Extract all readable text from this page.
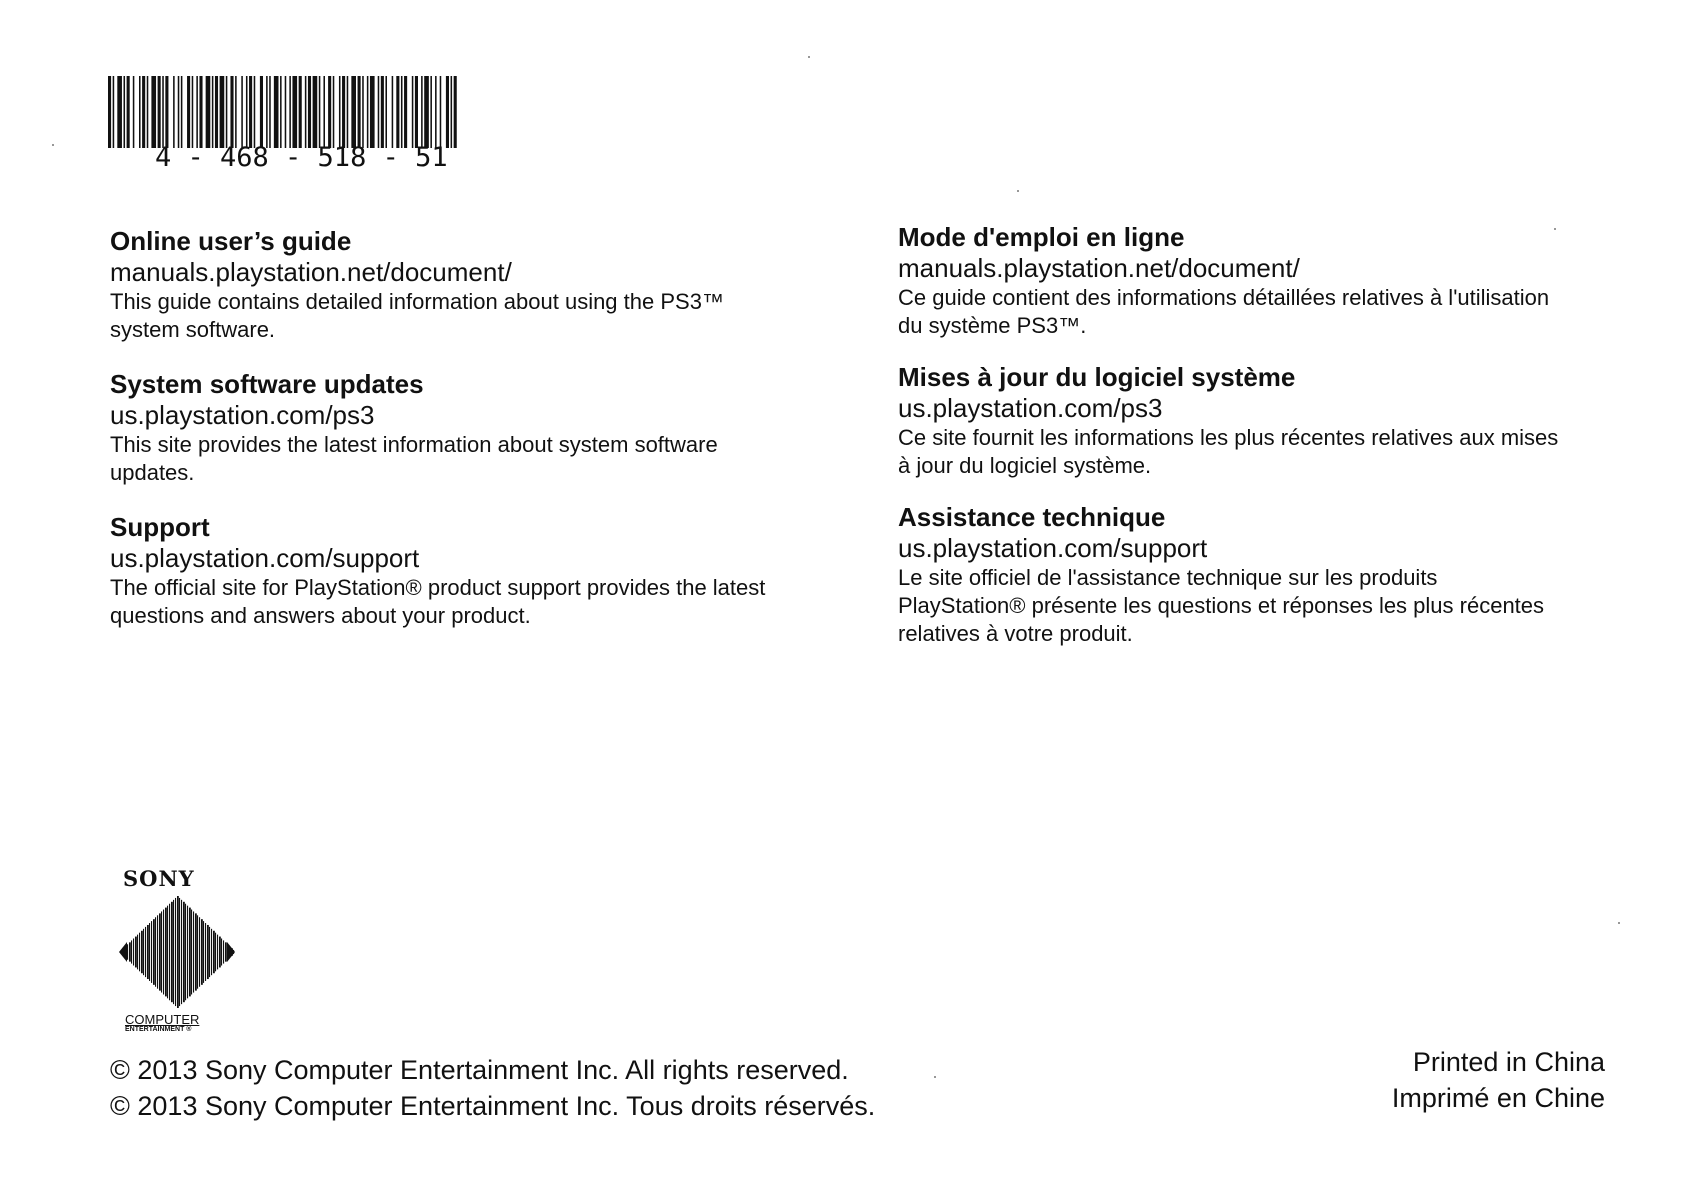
4 - 468 - 518 - 51
Online user’s guide

manuals.playstation.net/document/

This guide contains detailed information about using the PS3™

system software.

System software updates

us.playstation.com/ps3

This site provides the latest information about system software

updates.

Support

us.playstation.com/support

The official site for PlayStation® product support provides the latest

questions and answers about your product.

Mode d'emploi en ligne

manuals.playstation.net/document/

Ce guide contient des informations détaillées relatives à l'utilisation

du système PS3™.

Mises à jour du logiciel système

us.playstation.com/ps3

Ce site fournit les informations les plus récentes relatives aux mises

à jour du logiciel système.

Assistance technique

us.playstation.com/support

Le site officiel de l'assistance technique sur les produits

PlayStation® présente les questions et réponses les plus récentes

relatives à votre produit.

SONY
COMPUTER
ENTERTAINMENT ®
© 2013 Sony Computer Entertainment Inc. All rights reserved.
© 2013 Sony Computer Entertainment Inc. Tous droits réservés.
Printed in China
Imprimé en Chine
